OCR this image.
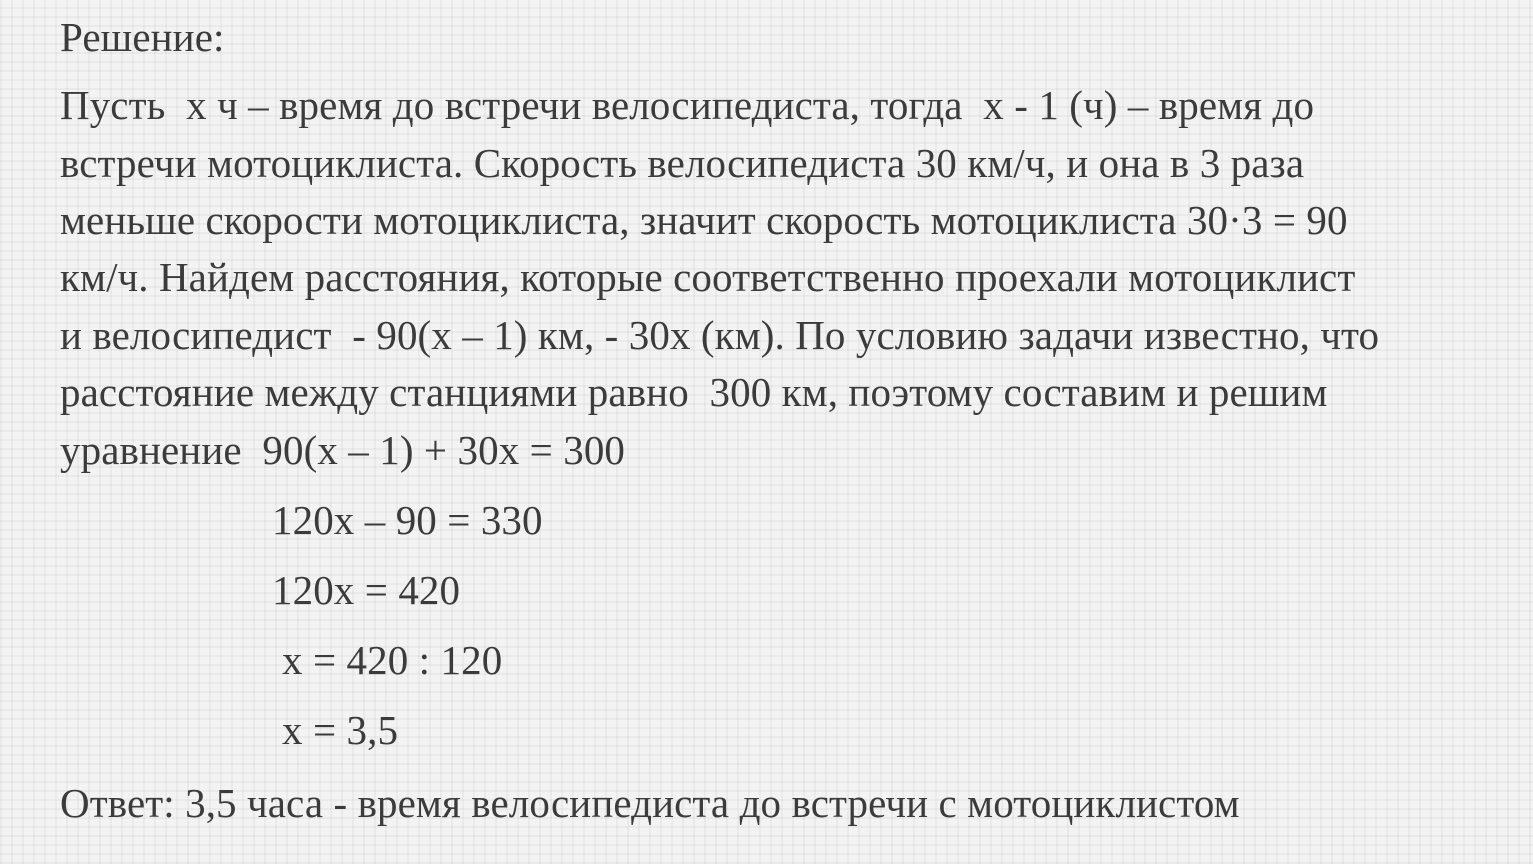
Решение:
Пусть  х ч – время до встречи велосипедиста, тогда  х - 1 (ч) – время до
встречи мотоциклиста. Скорость велосипедиста 30 км/ч, и она в 3 раза
меньше скорости мотоциклиста, значит скорость мотоциклиста 30·3 = 90
км/ч. Найдем расстояния, которые соответственно проехали мотоциклист
и велосипедист  - 90(х – 1) км, - 30х (км). По условию задачи известно, что
расстояние между станциями равно  300 км, поэтому составим и решим
уравнение  90(х – 1) + 30х = 300
120х – 90 = 330
120х = 420
х = 420 : 120
х = 3,5
Ответ: 3,5 часа - время велосипедиста до встречи с мотоциклистом
